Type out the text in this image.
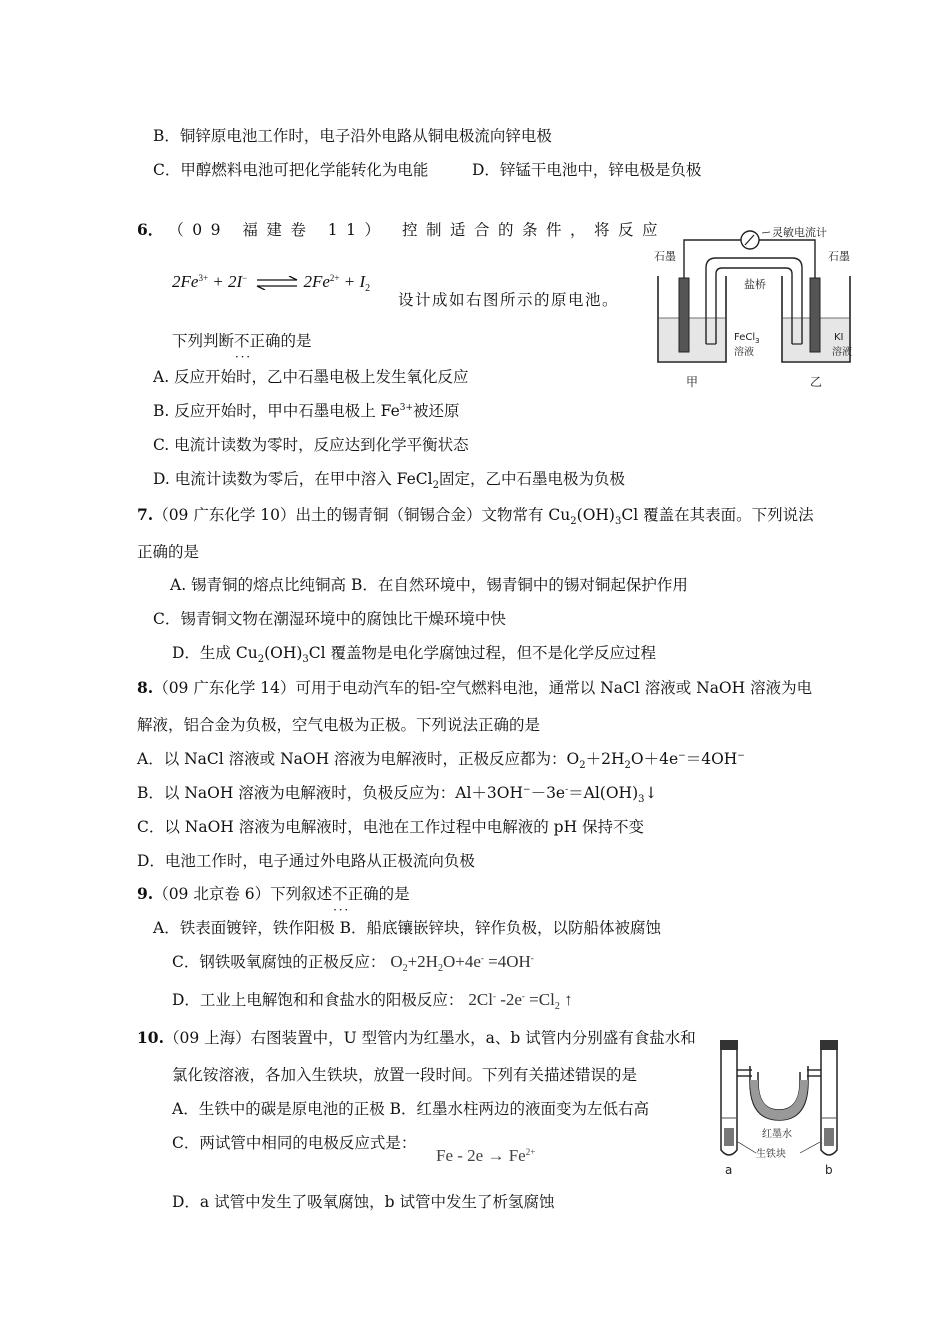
B．铜锌原电池工作时，电子沿外电路从铜电极流向锌电极
C．甲醇燃料电池可把化学能转化为电能	D．锌锰干电池中，锌电极是负极
6． （09 福建卷 11） 控制适合的条件，将反应
$2Fe^{3+} + 2I^-$ ⇌ $2Fe^{2+} + I_2$
设计成如右图所示的原电池。
下列判断不正确 · · ·的是
A. 反应开始时，乙中石墨电极上发生氧化反应
B. 反应开始时，甲中石墨电极上 $Fe^{3+}$被还原
C. 电流计读数为零时，反应达到化学平衡状态
D. 电流计读数为零后，在甲中溶入 FeCl$_2$固定，乙中石墨电极为负极
灵敏电流计
盐桥
石墨	石墨
FeCl$_3$
溶液
KI
溶液
甲	乙
7.（09 广东化学 10）出土的锡青铜（铜锡合金）文物常有 $Cu_2(OH)_3Cl$ 覆盖在其表面。下列说法
正确的是
A. 锡青铜的熔点比纯铜高 B．在自然环境中，锡青铜中的锡对铜起保护作用
C．锡青铜文物在潮湿环境中的腐蚀比干燥环境中快
D．生成 $Cu_2(OH)_3Cl$ 覆盖物是电化学腐蚀过程，但不是化学反应过程
8.（09 广东化学 14）可用于电动汽车的铝-空气燃料电池，通常以 NaCl 溶液或 NaOH 溶液为电
解液，铝合金为负极，空气电极为正极。下列说法正确的是
A．以 NaCl 溶液或 NaOH 溶液为电解液时，正极反应都为：$O_2+2H_2O+4e^-=4OH^-$
B．以 NaOH 溶液为电解液时，负极反应为：$Al+3OH^--3e^-=Al(OH)_3↓$
C．以 NaOH 溶液为电解液时，电池在工作过程中电解液的 pH 保持不变
D．电池工作时，电子通过外电路从正极流向负极
9.（09 北京卷 6）下列叙述不正确 · · ·的是
A．铁表面镀锌，铁作阳极 B．船底镶嵌锌块，锌作负极，以防船体被腐蚀
C．钢铁吸氧腐蚀的正极反应： $O_2+2H_2O+4e^- =4OH^-$
D．工业上电解饱和和食盐水的阳极反应： 2Cl- $-2e^- =Cl_2$ ↑
10.（09 上海）右图装置中，U 型管内为红墨水，a、b 试管内分别盛有食盐水和
氯化铵溶液，各加入生铁块，放置一段时间。下列有关描述错误的是
A．生铁中的碳是原电池的正极 B．红墨水柱两边的液面变为左低右高
C．两试管中相同的电极反应式是：
$Fe - 2e \to Fe^{2+}$
D．a 试管中发生了吸氧腐蚀，b 试管中发生了析氢腐蚀
红墨水
生铁块
a	b
